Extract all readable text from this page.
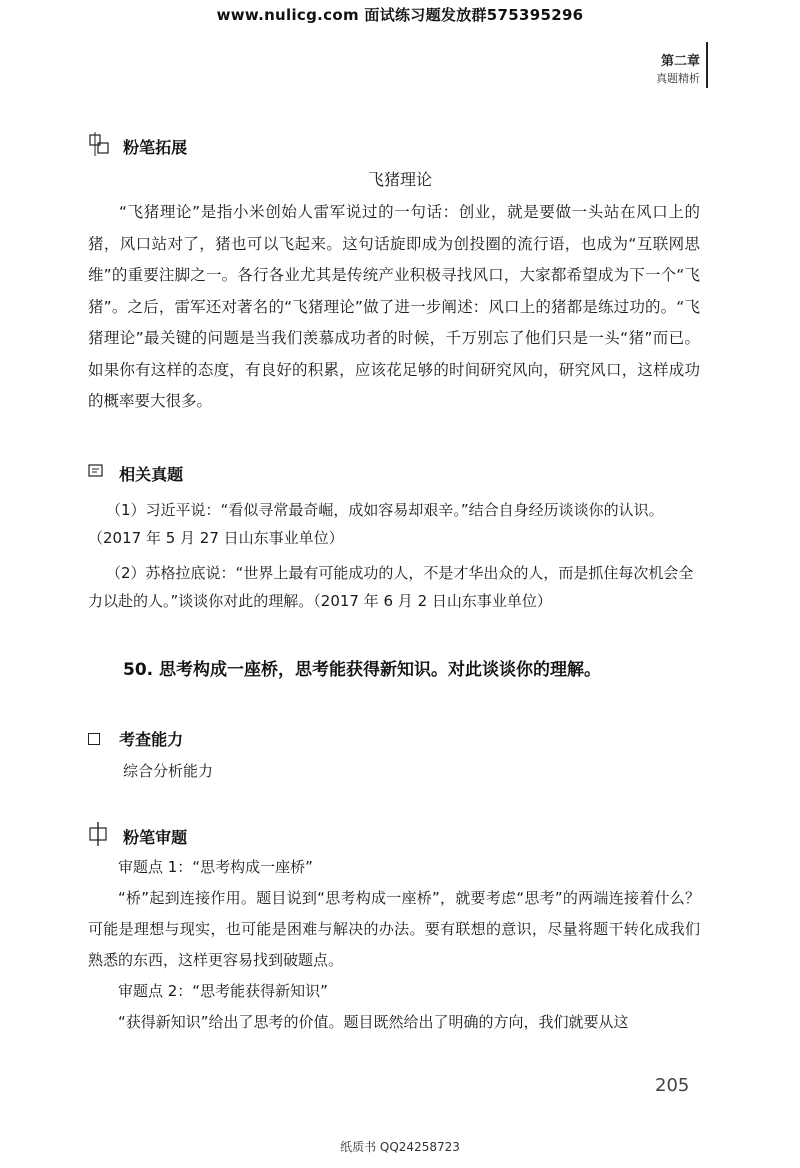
www.nulicg.com 面试练习题发放群575395296
第二章
真题精析
粉笔拓展
飞猪理论

“飞猪理论”是指小米创始人雷军说过的一句话：创业，就是要做一头站在风口上的猪，风口站对了，猪也可以飞起来。这句话旋即成为创投圈的流行语，也成为“互联网思维”的重要注脚之一。各行各业尤其是传统产业积极寻找风口，大家都希望成为下一个“飞猪”。之后，雷军还对著名的“飞猪理论”做了进一步阐述：风口上的猪都是练过功的。“飞猪理论”最关键的问题是当我们羡慕成功者的时候，千万别忘了他们只是一头“猪”而已。如果你有这样的态度，有良好的积累，应该花足够的时间研究风向，研究风口，这样成功的概率要大很多。

相关真题
（1）习近平说：“看似寻常最奇崛，成如容易却艰辛。”结合自身经历谈谈你的认识。（2017 年 5 月 27 日山东事业单位）
（2）苏格拉底说：“世界上最有可能成功的人，不是才华出众的人，而是抓住每次机会全力以赴的人。”谈谈你对此的理解。（2017 年 6 月 2 日山东事业单位）
50. 思考构成一座桥，思考能获得新知识。对此谈谈你的理解。
考查能力
综合分析能力
粉笔审题

审题点 1：“思考构成一座桥”

“桥”起到连接作用。题目说到“思考构成一座桥”，就要考虑“思考”的两端连接着什么？可能是理想与现实，也可能是困难与解决的办法。要有联想的意识，尽量将题干转化成我们熟悉的东西，这样更容易找到破题点。

审题点 2：“思考能获得新知识”

“获得新知识”给出了思考的价值。题目既然给出了明确的方向，我们就要从这

205
纸质书 QQ24258723
